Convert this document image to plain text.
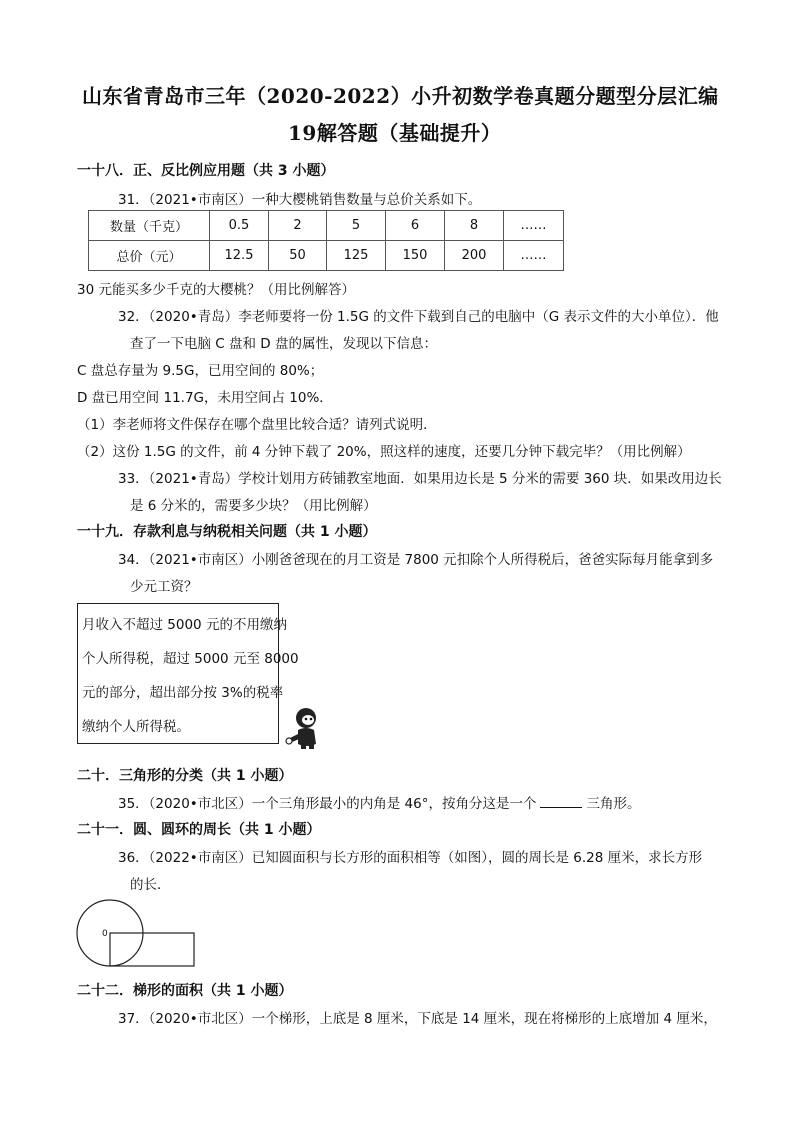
山东省青岛市三年（2020-2022）小升初数学卷真题分题型分层汇编
19解答题（基础提升）
一十八．正、反比例应用题（共 3 小题）
31．（2021•市南区）一种大樱桃销售数量与总价关系如下。
数量（千克）	0.5	2	5	6	8	……
总价（元）	12.5	50	125	150	200	……
30 元能买多少千克的大樱桃？（用比例解答）
32．（2020•青岛）李老师要将一份 1.5G 的文件下载到自己的电脑中（G 表示文件的大小单位）．他
查了一下电脑 C 盘和 D 盘的属性，发现以下信息：
C 盘总存量为 9.5G，已用空间的 80%；
D 盘已用空间 11.7G，未用空间占 10%．
（1）李老师将文件保存在哪个盘里比较合适？请列式说明．
（2）这份 1.5G 的文件，前 4 分钟下载了 20%，照这样的速度，还要几分钟下载完毕？（用比例解）
33．（2021•青岛）学校计划用方砖铺教室地面．如果用边长是 5 分米的需要 360 块．如果改用边长
是 6 分米的，需要多少块？（用比例解）
一十九．存款利息与纳税相关问题（共 1 小题）
34．（2021•市南区）小刚爸爸现在的月工资是 7800 元扣除个人所得税后，爸爸实际每月能拿到多
少元工资？
月收入不超过 5000 元的不用缴纳
个人所得税，超过 5000 元至 8000
元的部分，超出部分按 3%的税率
缴纳个人所得税。
二十．三角形的分类（共 1 小题）
35．（2020•市北区）一个三角形最小的内角是 46°，按角分这是一个	三角形。
二十一．圆、圆环的周长（共 1 小题）
36．（2022•市南区）已知圆面积与长方形的面积相等（如图），圆的周长是 6.28 厘米，求长方形
的长．
0
二十二．梯形的面积（共 1 小题）
37．（2020•市北区）一个梯形，上底是 8 厘米，下底是 14 厘米，现在将梯形的上底增加 4 厘米，
